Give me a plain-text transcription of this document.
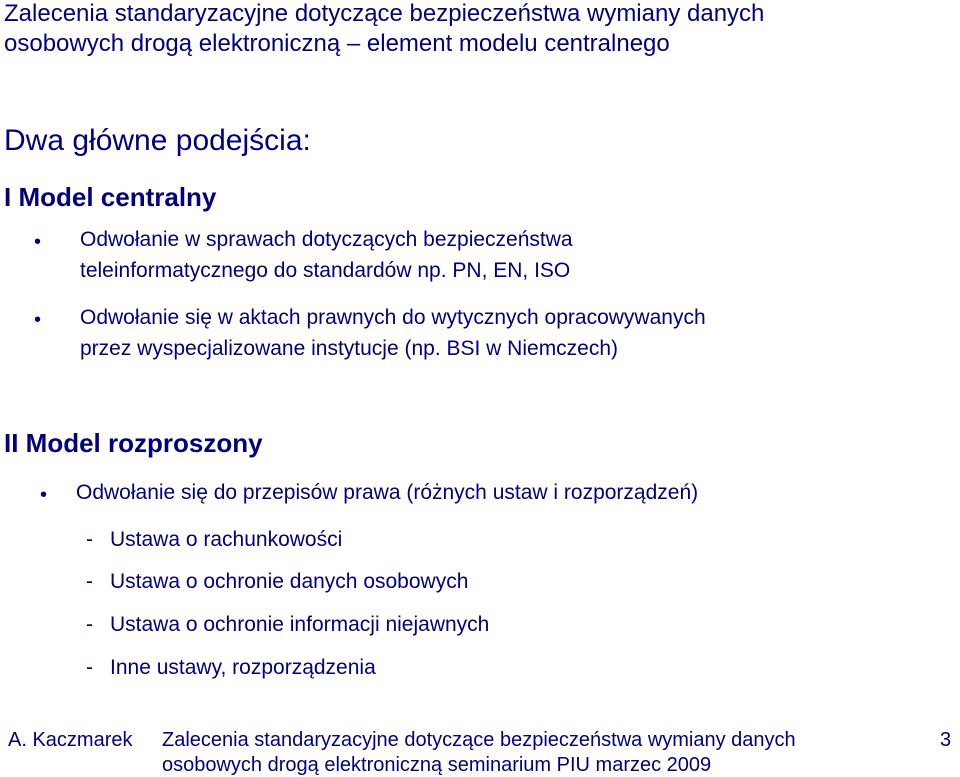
Zalecenia standaryzacyjne dotyczące bezpieczeństwa wymiany danych
osobowych drogą elektroniczną – element modelu centralnego
Dwa główne podejścia:
I Model centralny
• Odwołanie w sprawach dotyczących bezpieczeństwa
teleinformatycznego do standardów np. PN, EN, ISO
• Odwołanie się w aktach prawnych do wytycznych opracowywanych
przez wyspecjalizowane instytucje (np. BSI w Niemczech)
II Model rozproszony
• Odwołanie się do przepisów prawa (różnych ustaw i rozporządzeń)
- Ustawa o rachunkowości
- Ustawa o ochronie danych osobowych
- Ustawa o ochronie informacji niejawnych
- Inne ustawy, rozporządzenia
A. Kaczmarek Zalecenia standaryzacyjne dotyczące bezpieczeństwa wymiany danych
osobowych drogą elektroniczną seminarium PIU marzec 2009
3
